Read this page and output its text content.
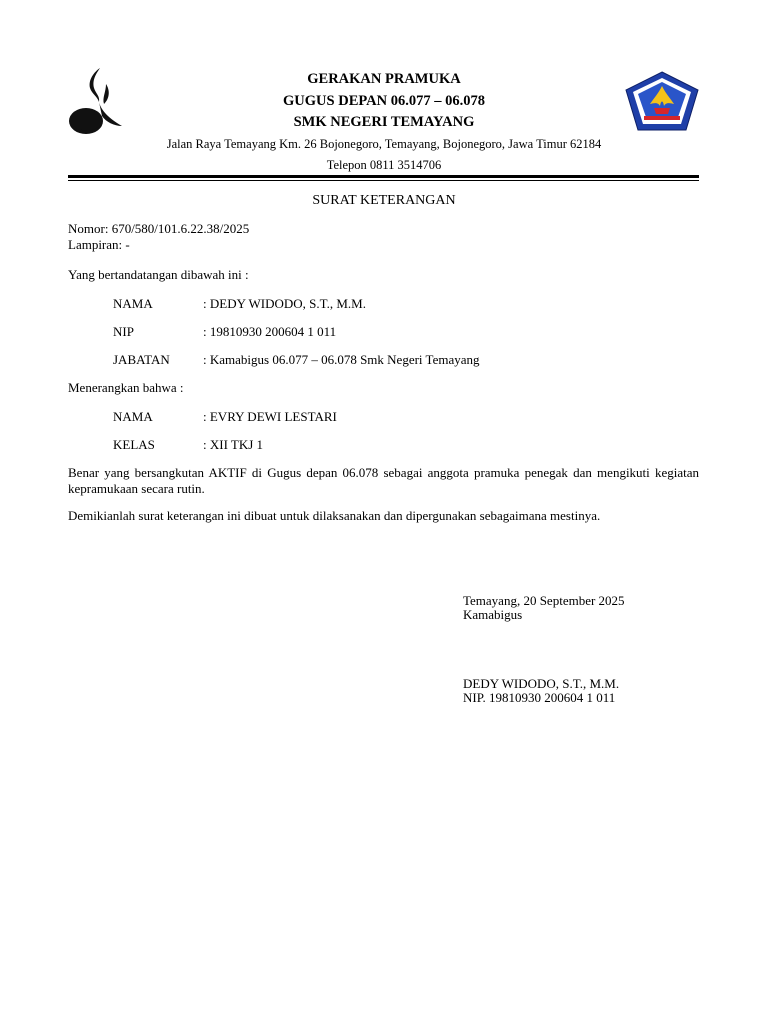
GERAKAN PRAMUKA
GUGUS DEPAN 06.077 – 06.078
SMK NEGERI TEMAYANG
Jalan Raya Temayang Km. 26 Bojonegoro, Temayang, Bojonegoro, Jawa Timur 62184
Telepon 0811 3514706
SURAT KETERANGAN
Nomor: 670/580/101.6.22.38/2025
Lampiran: -
Yang bertandatangan dibawah ini :
NAMA	: DEDY WIDODO, S.T., M.M.
NIP	: 19810930 200604 1 011
JABATAN	: Kamabigus 06.077 – 06.078 Smk Negeri Temayang
Menerangkan bahwa :
NAMA	: EVRY DEWI LESTARI
KELAS	: XII TKJ 1
Benar yang bersangkutan AKTIF di Gugus depan 06.078 sebagai anggota pramuka penegak dan mengikuti kegiatan kepramukaan secara rutin.
Demikianlah surat keterangan ini dibuat untuk dilaksanakan dan dipergunakan sebagaimana mestinya.
Temayang, 20 September 2025
Kamabigus
DEDY WIDODO, S.T., M.M.
NIP. 19810930 200604 1 011
